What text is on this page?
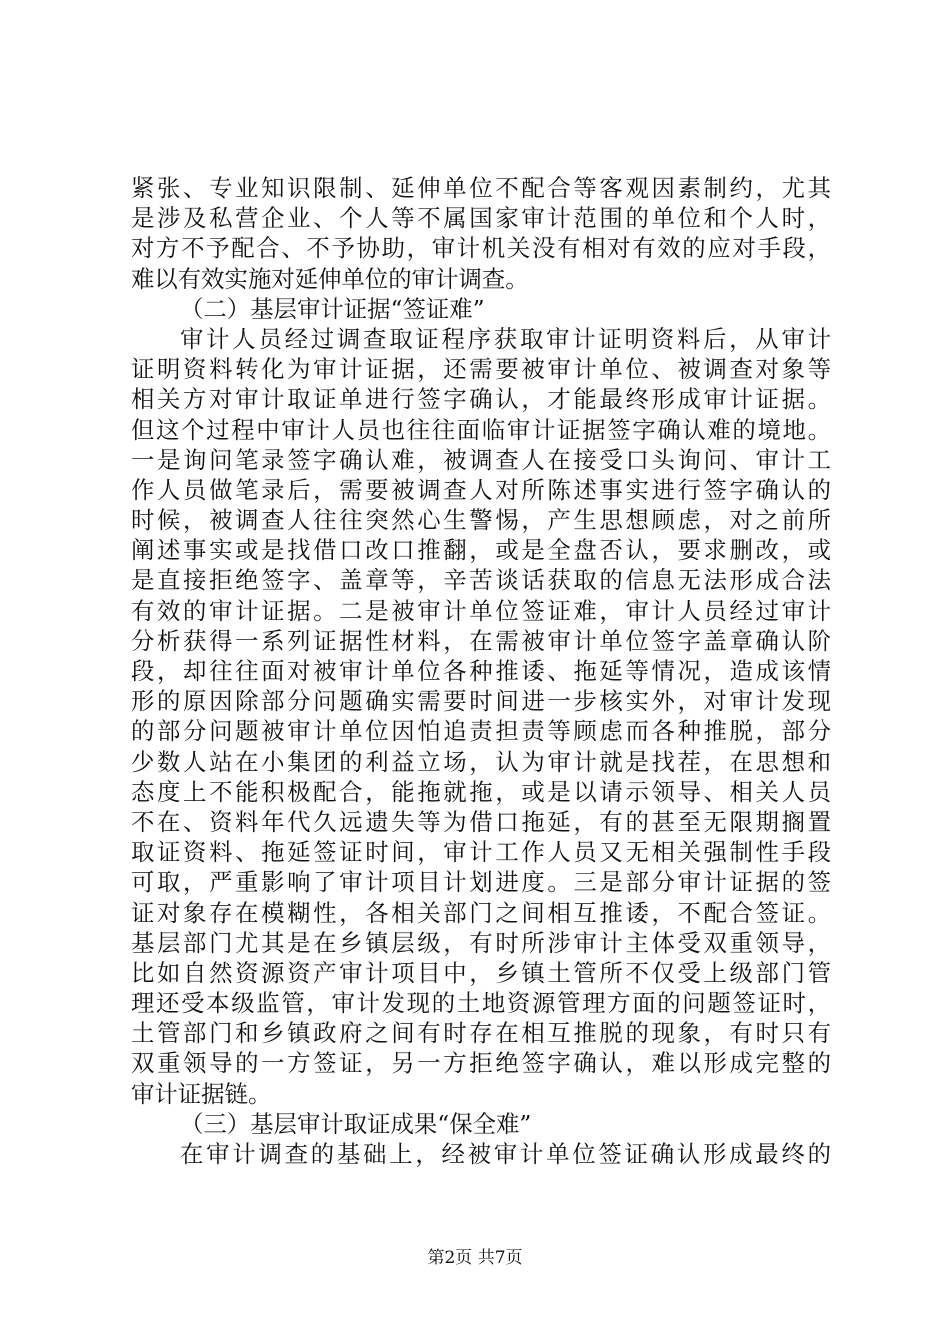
紧张、专业知识限制、延伸单位不配合等客观因素制约，尤其
是涉及私营企业、个人等不属国家审计范围的单位和个人时，
对方不予配合、不予协助，审计机关没有相对有效的应对手段，
难以有效实施对延伸单位的审计调查。
（二）基层审计证据“签证难”
审计人员经过调查取证程序获取审计证明资料后，从审计
证明资料转化为审计证据，还需要被审计单位、被调查对象等
相关方对审计取证单进行签字确认，才能最终形成审计证据。
但这个过程中审计人员也往往面临审计证据签字确认难的境地。
一是询问笔录签字确认难，被调查人在接受口头询问、审计工
作人员做笔录后，需要被调查人对所陈述事实进行签字确认的
时候，被调查人往往突然心生警惕，产生思想顾虑，对之前所
阐述事实或是找借口改口推翻，或是全盘否认，要求删改，或
是直接拒绝签字、盖章等，辛苦谈话获取的信息无法形成合法
有效的审计证据。二是被审计单位签证难，审计人员经过审计
分析获得一系列证据性材料，在需被审计单位签字盖章确认阶
段，却往往面对被审计单位各种推诿、拖延等情况，造成该情
形的原因除部分问题确实需要时间进一步核实外，对审计发现
的部分问题被审计单位因怕追责担责等顾虑而各种推脱，部分
少数人站在小集团的利益立场，认为审计就是找茬，在思想和
态度上不能积极配合，能拖就拖，或是以请示领导、相关人员
不在、资料年代久远遗失等为借口拖延，有的甚至无限期搁置
取证资料、拖延签证时间，审计工作人员又无相关强制性手段
可取，严重影响了审计项目计划进度。三是部分审计证据的签
证对象存在模糊性，各相关部门之间相互推诿，不配合签证。
基层部门尤其是在乡镇层级，有时所涉审计主体受双重领导，
比如自然资源资产审计项目中，乡镇土管所不仅受上级部门管
理还受本级监管，审计发现的土地资源管理方面的问题签证时，
土管部门和乡镇政府之间有时存在相互推脱的现象，有时只有
双重领导的一方签证，另一方拒绝签字确认，难以形成完整的
审计证据链。
（三）基层审计取证成果“保全难”
在审计调查的基础上，经被审计单位签证确认形成最终的
第2页 共7页
